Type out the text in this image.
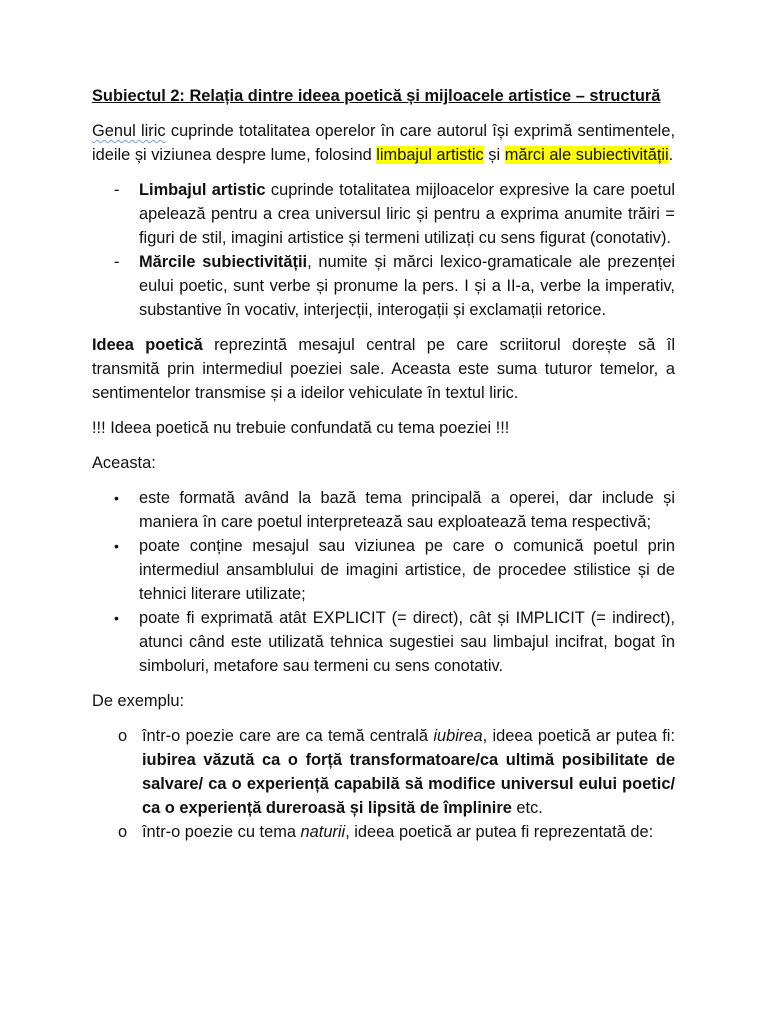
Subiectul 2: Relația dintre ideea poetică și mijloacele artistice – structură

Genul liric cuprinde totalitatea operelor în care autorul își exprimă sentimentele, ideile și viziunea despre lume, folosind limbajul artistic și mărci ale subiectivității.

- Limbajul artistic cuprinde totalitatea mijloacelor expresive la care poetul apelează pentru a crea universul liric și pentru a exprima anumite trăiri = figuri de stil, imagini artistice și termeni utilizați cu sens figurat (conotativ).
- Mărcile subiectivității, numite și mărci lexico-gramaticale ale prezenței eului poetic, sunt verbe și pronume la pers. I și a II-a, verbe la imperativ, substantive în vocativ, interjecții, interogații și exclamații retorice.

Ideea poetică reprezintă mesajul central pe care scriitorul dorește să îl transmită prin intermediul poeziei sale. Aceasta este suma tuturor temelor, a sentimentelor transmise și a ideilor vehiculate în textul liric.

!!! Ideea poetică nu trebuie confundată cu tema poeziei !!!

Aceasta:

• este formată având la bază tema principală a operei, dar include și maniera în care poetul interpretează sau exploatează tema respectivă;
• poate conține mesajul sau viziunea pe care o comunică poetul prin intermediul ansamblului de imagini artistice, de procedee stilistice și de tehnici literare utilizate;
• poate fi exprimată atât EXPLICIT (= direct), cât și IMPLICIT (= indirect), atunci când este utilizată tehnica sugestiei sau limbajul incifrat, bogat în simboluri, metafore sau termeni cu sens conotativ.

De exemplu:

o într-o poezie care are ca temă centrală iubirea, ideea poetică ar putea fi: iubirea văzută ca o forță transformatoare/ca ultimă posibilitate de salvare/ ca o experiență capabilă să modifice universul eului poetic/ ca o experiență dureroasă și lipsită de împlinire etc.
o într-o poezie cu tema naturii, ideea poetică ar putea fi reprezentată de:
